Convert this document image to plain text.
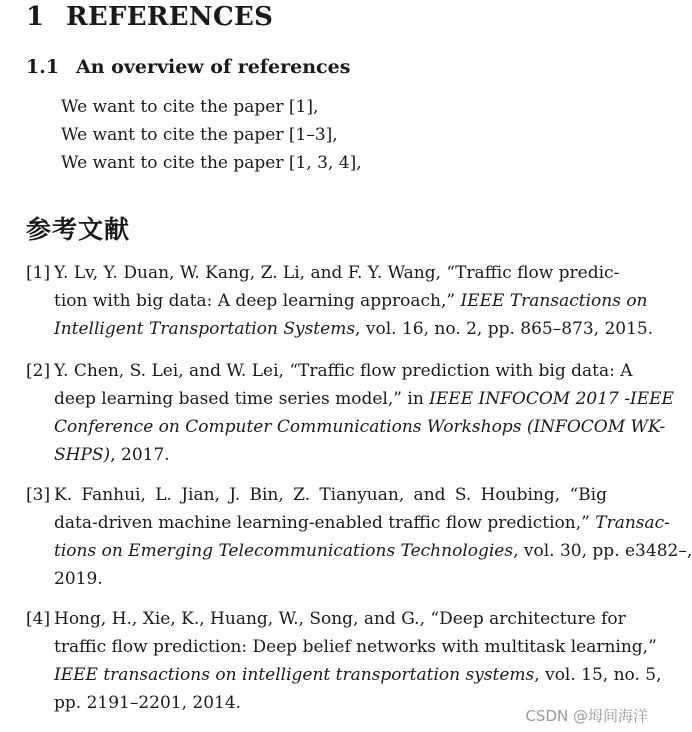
1 REFERENCES
1.1 An overview of references
We want to cite the paper [1],
We want to cite the paper [1–3],
We want to cite the paper [1, 3, 4],
参考文献
[1] Y. Lv, Y. Duan, W. Kang, Z. Li, and F. Y. Wang, “Traffic flow predic-
tion with big data: A deep learning approach,” IEEE Transactions on
Intelligent Transportation Systems, vol. 16, no. 2, pp. 865–873, 2015.
[2] Y. Chen, S. Lei, and W. Lei, “Traffic flow prediction with big data: A
deep learning based time series model,” in IEEE INFOCOM 2017 -IEEE
Conference on Computer Communications Workshops (INFOCOM WK-
SHPS), 2017.
[3] K. Fanhui, L. Jian, J. Bin, Z. Tianyuan, and S. Houbing, “Big
data-driven machine learning-enabled traffic flow prediction,” Transac-
tions on Emerging Telecommunications Technologies, vol. 30, pp. e3482–,
2019.
[4] Hong, H., Xie, K., Huang, W., Song, and G., “Deep architecture for
traffic flow prediction: Deep belief networks with multitask learning,”
IEEE transactions on intelligent transportation systems, vol. 15, no. 5,
pp. 2191–2201, 2014.
CSDN @坶间海洋
